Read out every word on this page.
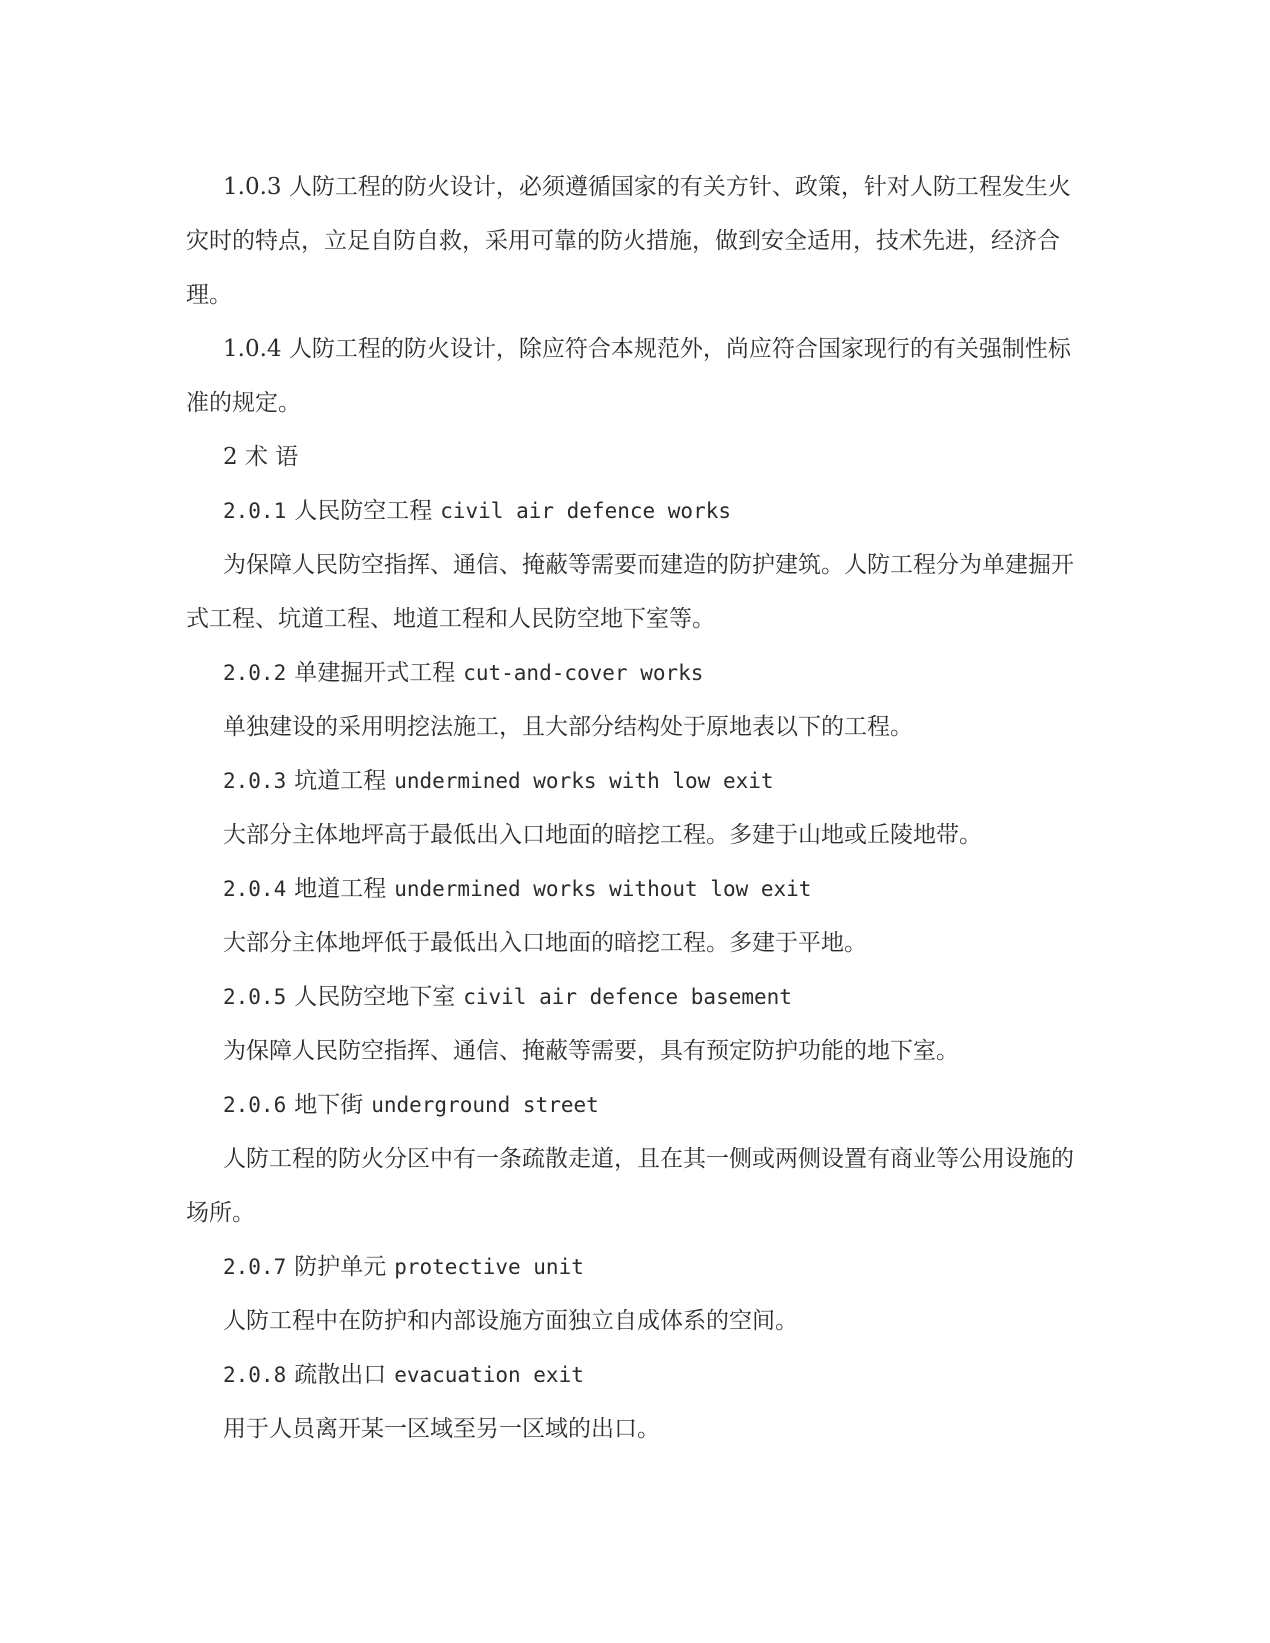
1.0.3 人防工程的防火设计，必须遵循国家的有关方针、政策，针对人防工程发生火灾时的特点，立足自防自救，采用可靠的防火措施，做到安全适用，技术先进，经济合理。

1.0.4 人防工程的防火设计，除应符合本规范外，尚应符合国家现行的有关强制性标准的规定。

2 术 语

2.0.1 人民防空工程 civil air defence works

为保障人民防空指挥、通信、掩蔽等需要而建造的防护建筑。人防工程分为单建掘开式工程、坑道工程、地道工程和人民防空地下室等。

2.0.2 单建掘开式工程 cut-and-cover works

单独建设的采用明挖法施工，且大部分结构处于原地表以下的工程。

2.0.3 坑道工程 undermined works with low exit

大部分主体地坪高于最低出入口地面的暗挖工程。多建于山地或丘陵地带。

2.0.4 地道工程 undermined works without low exit

大部分主体地坪低于最低出入口地面的暗挖工程。多建于平地。

2.0.5 人民防空地下室 civil air defence basement

为保障人民防空指挥、通信、掩蔽等需要，具有预定防护功能的地下室。

2.0.6 地下街 underground street

人防工程的防火分区中有一条疏散走道，且在其一侧或两侧设置有商业等公用设施的场所。

2.0.7 防护单元 protective unit

人防工程中在防护和内部设施方面独立自成体系的空间。

2.0.8 疏散出口 evacuation exit

用于人员离开某一区域至另一区域的出口。
